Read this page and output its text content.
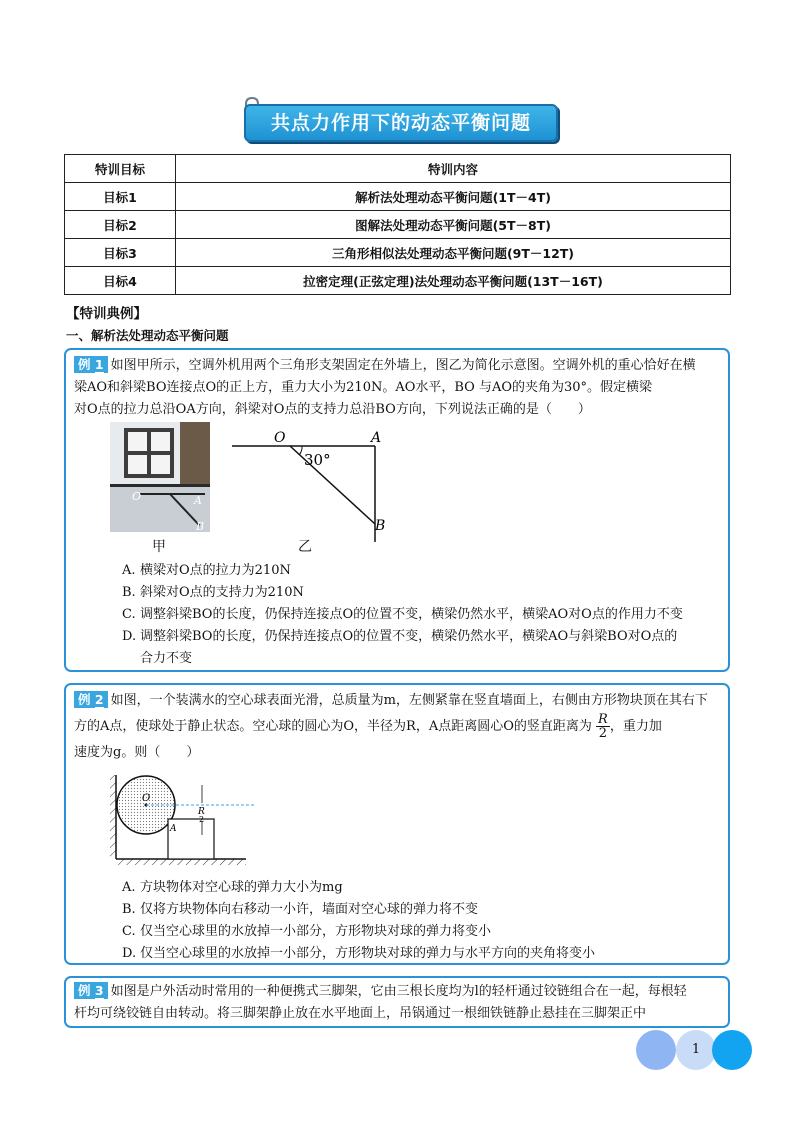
共点力作用下的动态平衡问题
特训目标	特训内容
目标1	解析法处理动态平衡问题(1T－4T)
目标2	图解法处理动态平衡问题(5T－8T)
目标3	三角形相似法处理动态平衡问题(9T－12T)
目标4	拉密定理(正弦定理)法处理动态平衡问题(13T－16T)
【特训典例】
一、解析法处理动态平衡问题
例 1 如图甲所示，空调外机用两个三角形支架固定在外墙上，图乙为简化示意图。空调外机的重心恰好在横
梁AO和斜梁BO连接点O的正上方，重力大小为210N。AO水平，BO 与AO的夹角为30°。假定横梁
对O点的拉力总沿OA方向，斜梁对O点的支持力总沿BO方向，下列说法正确的是（　　）
O	A
B
甲
O	A
B
30°
乙
A. 横梁对O点的拉力为210N
B. 斜梁对O点的支持力为210N
C. 调整斜梁BO的长度，仍保持连接点O的位置不变，横梁仍然水平，横梁AO对O点的作用力不变
D. 调整斜梁BO的长度，仍保持连接点O的位置不变，横梁仍然水平，横梁AO与斜梁BO对O点的
合力不变
例 2 如图，一个装满水的空心球表面光滑，总质量为m，左侧紧靠在竖直墙面上，右侧由方形物块顶在其右下
方的A点，使球处于静止状态。空心球的圆心为O，半径为R，A点距离圆心O的竖直距离为 $\frac{R}{2}$ ，重力加
速度为g。则（　　）
O
A
R
2
A. 方块物体对空心球的弹力大小为mg
B. 仅将方块物体向右移动一小许，墙面对空心球的弹力将不变
C. 仅当空心球里的水放掉一小部分，方形物块对球的弹力将变小
D. 仅当空心球里的水放掉一小部分，方形物块对球的弹力与水平方向的夹角将变小
例 3 如图是户外活动时常用的一种便携式三脚架，它由三根长度均为l的轻杆通过铰链组合在一起，每根轻
杆均可绕铰链自由转动。将三脚架静止放在水平地面上，吊锅通过一根细铁链静止悬挂在三脚架正中
1
